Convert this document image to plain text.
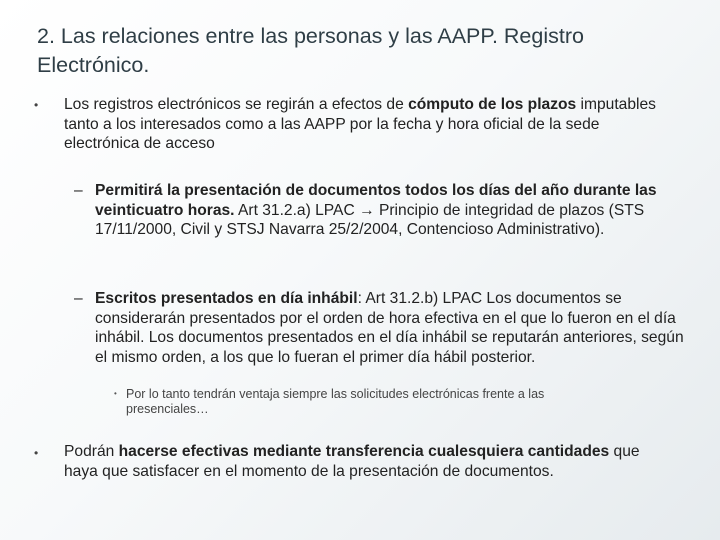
2. Las relaciones entre las personas y las AAPP. Registro Electrónico.
• Los registros electrónicos se regirán a efectos de cómputo de los plazos imputables tanto a los interesados como a las AAPP por la fecha y hora oficial de la sede electrónica de acceso
– Permitirá la presentación de documentos todos los días del año durante las veinticuatro horas. Art 31.2.a) LPAC → Principio de integridad de plazos (STS 17/11/2000, Civil y STSJ Navarra 25/2/2004, Contencioso Administrativo).
– Escritos presentados en día inhábil: Art 31.2.b) LPAC Los documentos se considerarán presentados por el orden de hora efectiva en el que lo fueron en el día inhábil. Los documentos presentados en el día inhábil se reputarán anteriores, según el mismo orden, a los que lo fueran el primer día hábil posterior.
• Por lo tanto tendrán ventaja siempre las solicitudes electrónicas frente a las presenciales…
• Podrán hacerse efectivas mediante transferencia cualesquiera cantidades que haya que satisfacer en el momento de la presentación de documentos.
